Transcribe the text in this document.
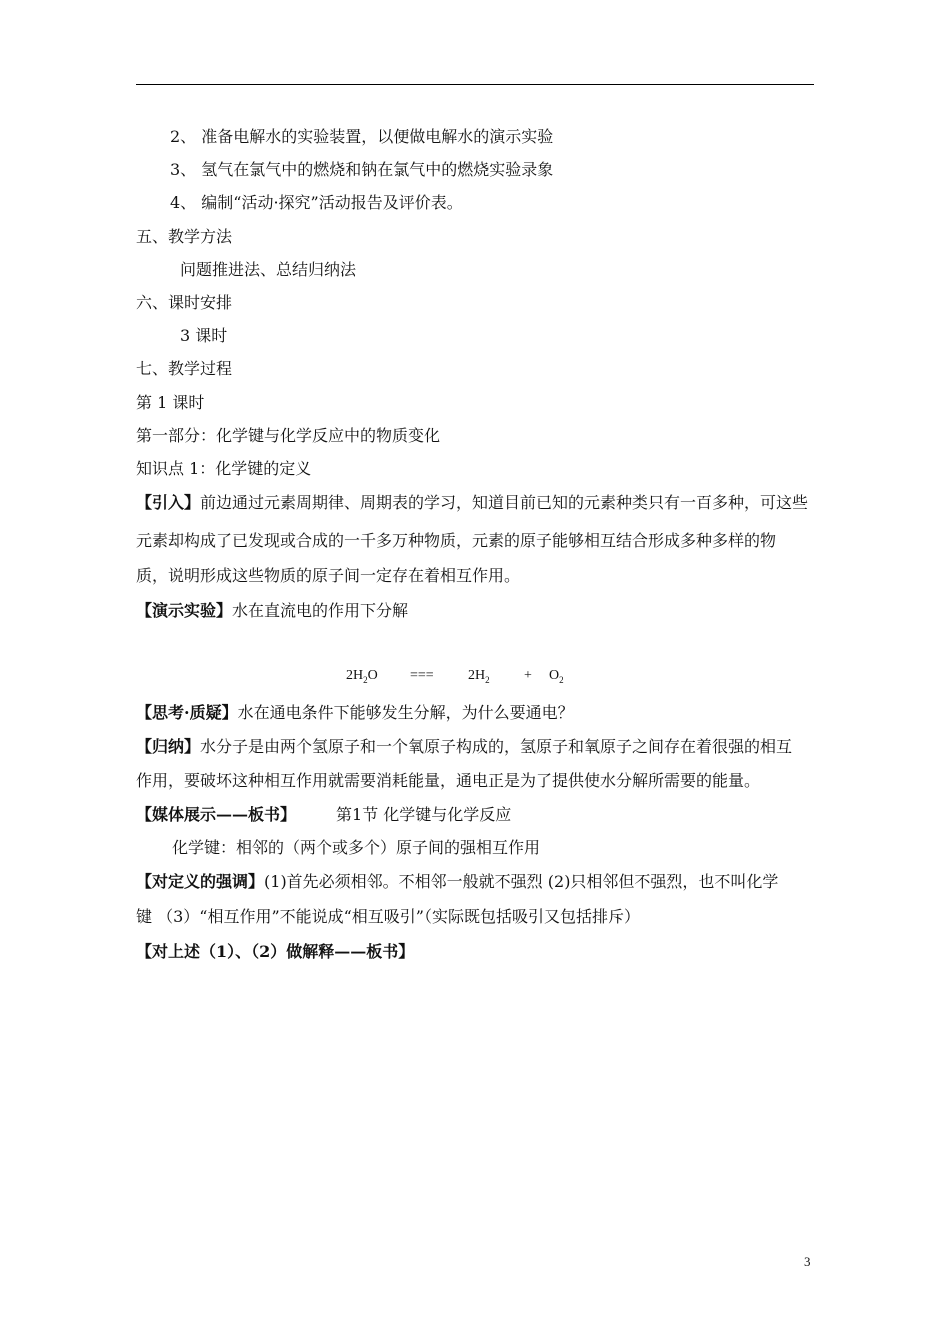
2、 准备电解水的实验装置，以便做电解水的演示实验
3、 氢气在氯气中的燃烧和钠在氯气中的燃烧实验录象
4、 编制“活动·探究”活动报告及评价表。
五、教学方法
问题推进法、总结归纳法
六、课时安排
3 课时
七、教学过程
第 1 课时
第一部分：化学键与化学反应中的物质变化
知识点 1：化学键的定义
【引入】前边通过元素周期律、周期表的学习，知道目前已知的元素种类只有一百多种，可这些
元素却构成了已发现或合成的一千多万种物质，元素的原子能够相互结合形成多种多样的物
质，说明形成这些物质的原子间一定存在着相互作用。
【演示实验】水在直流电的作用下分解
$2H_2O$ === $2H_2 + O_2$
【思考·质疑】水在通电条件下能够发生分解，为什么要通电？
【归纳】水分子是由两个氢原子和一个氧原子构成的，氢原子和氧原子之间存在着很强的相互
作用，要破坏这种相互作用就需要消耗能量，通电正是为了提供使水分解所需要的能量。
【媒体展示——板书】	第1节 化学键与化学反应
化学键：相邻的（两个或多个）原子间的强相互作用
【对定义的强调】(1)首先必须相邻。不相邻一般就不强烈 (2)只相邻但不强烈，也不叫化学
键 （3）“相互作用”不能说成“相互吸引”（实际既包括吸引又包括排斥）
【对上述（1）、（2）做解释——板书】
3
